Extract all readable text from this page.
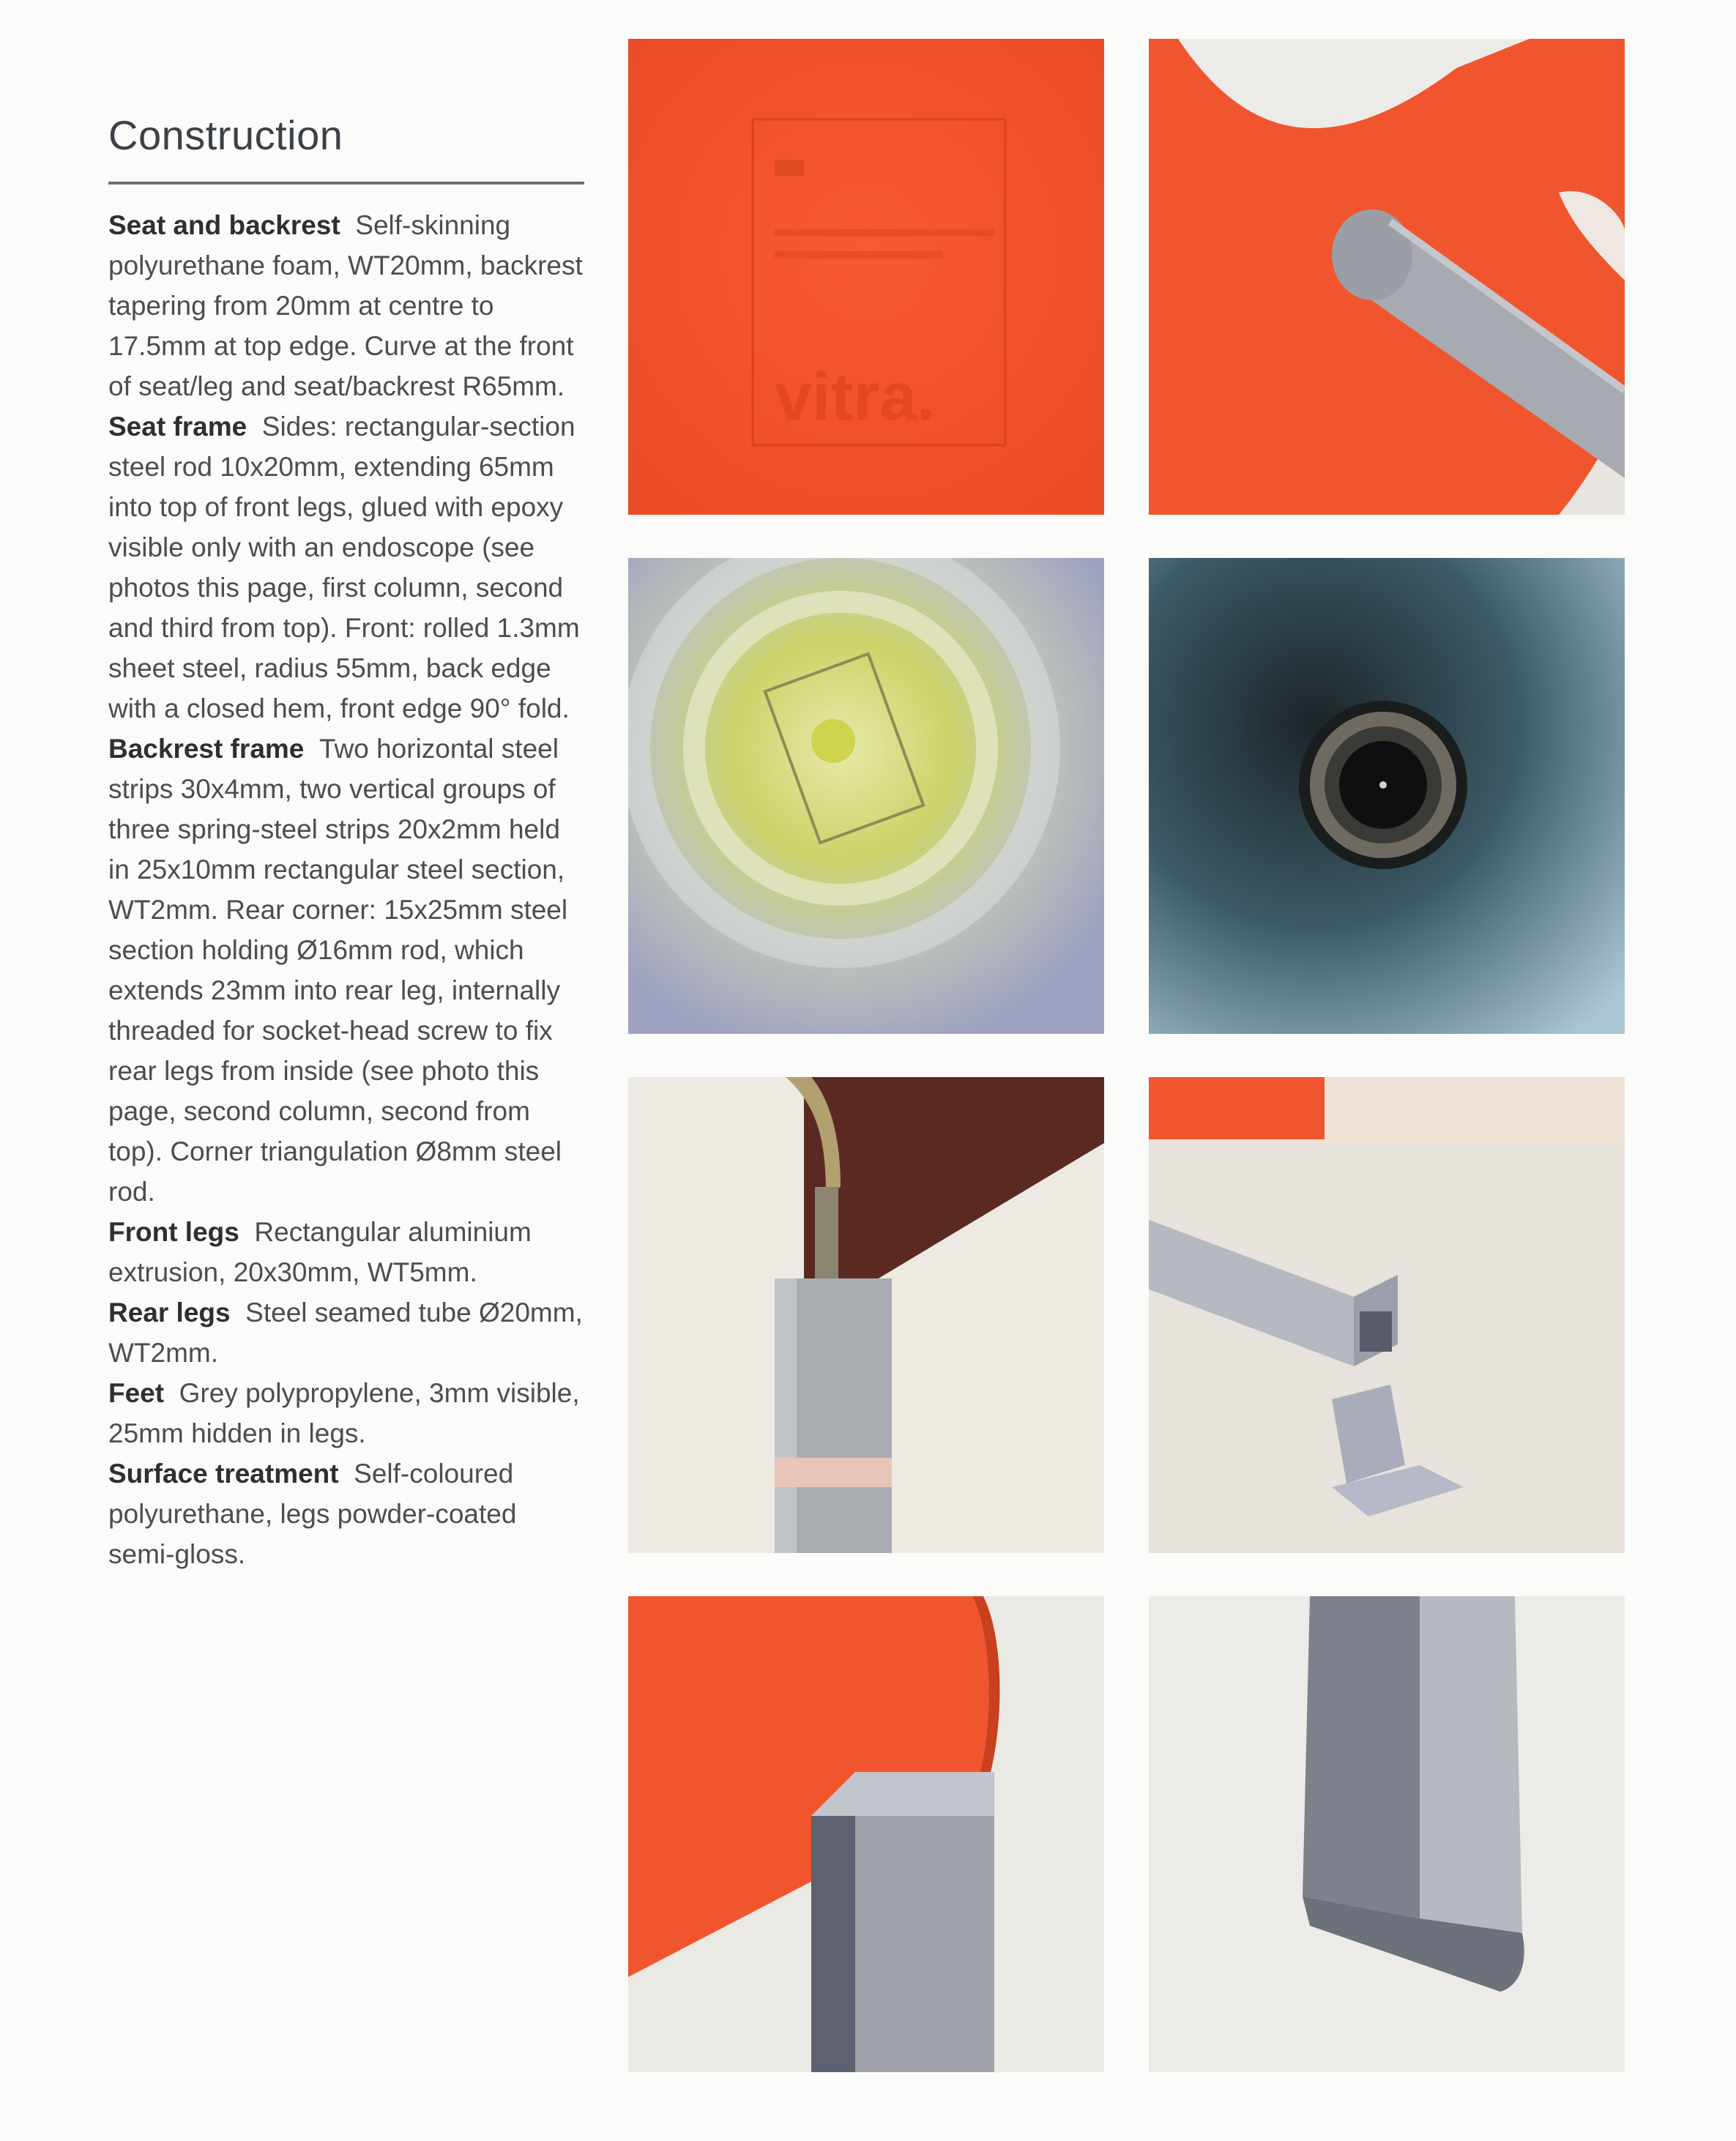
Construction

Seat and backrest Self-skinning polyurethane foam, WT20mm, backrest tapering from 20mm at centre to 17.5mm at top edge. Curve at the front of seat/leg and seat/backrest R65mm.

Seat frame Sides: rectangular-section steel rod 10x20mm, extending 65mm into top of front legs, glued with epoxy visible only with an endoscope (see photos this page, first column, second and third from top). Front: rolled 1.3mm sheet steel, radius 55mm, back edge with a closed hem, front edge 90° fold.

Backrest frame Two horizontal steel strips 30x4mm, two vertical groups of three spring-steel strips 20x2mm held in 25x10mm rectangular steel section, WT2mm. Rear corner: 15x25mm steel section holding Ø16mm rod, which extends 23mm into rear leg, internally threaded for socket-head screw to fix rear legs from inside (see photo this page, second column, second from top). Corner triangulation Ø8mm steel rod.

Front legs Rectangular aluminium extrusion, 20x30mm, WT5mm.

Rear legs Steel seamed tube Ø20mm, WT2mm.

Feet Grey polypropylene, 3mm visible, 25mm hidden in legs.

Surface treatment Self-coloured polyurethane, legs powder-coated semi-gloss.

vitra.
